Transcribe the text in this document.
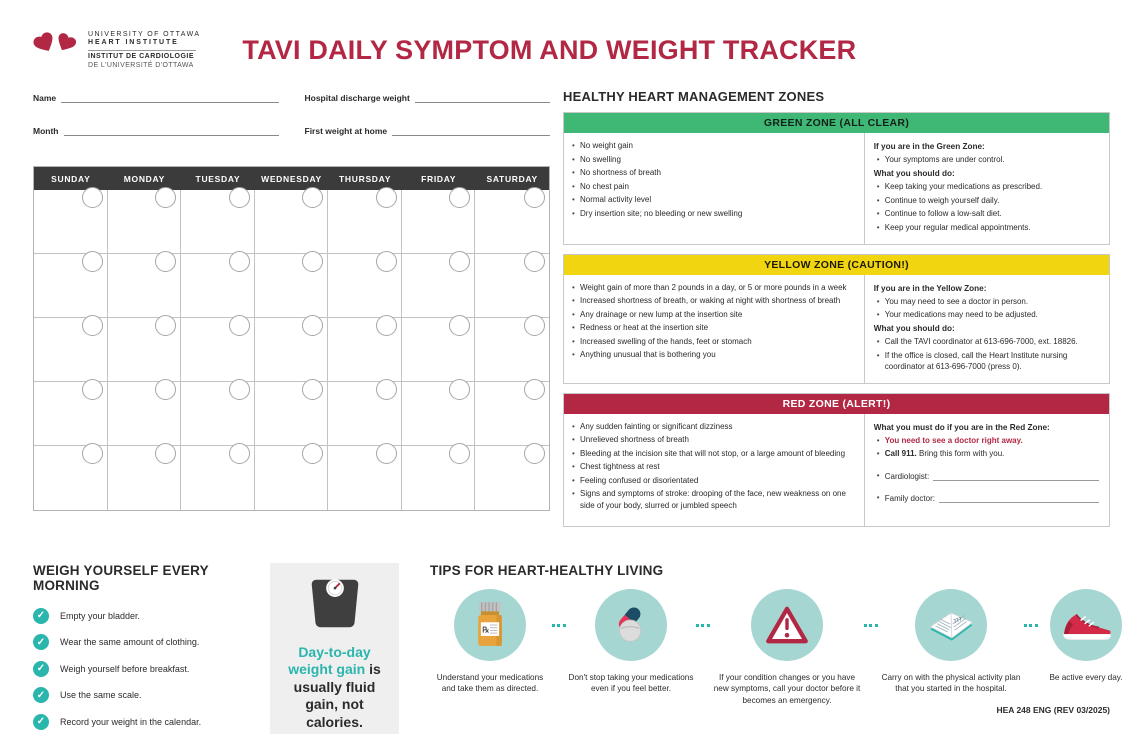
UNIVERSITY OF OTTAWA
HEART INSTITUTE
INSTITUT DE CARDIOLOGIE
DE L'UNIVERSITÉ D'OTTAWA
TAVI DAILY SYMPTOM AND WEIGHT TRACKER
Name
Month
Hospital discharge weight
First weight at home
SUNDAY	MONDAY	TUESDAY	WEDNESDAY	THURSDAY	FRIDAY	SATURDAY
HEALTHY HEART MANAGEMENT ZONES
GREEN ZONE (ALL CLEAR)
• No weight gain
• No swelling
• No shortness of breath
• No chest pain
• Normal activity level
• Dry insertion site; no bleeding or new swelling
If you are in the Green Zone:
• Your symptoms are under control.
What you should do:
• Keep taking your medications as prescribed.
• Continue to weigh yourself daily.
• Continue to follow a low-salt diet.
• Keep your regular medical appointments.
YELLOW ZONE (CAUTION!)
• Weight gain of more than 2 pounds in a day, or 5 or more pounds in a week
• Increased shortness of breath, or waking at night with shortness of breath
• Any drainage or new lump at the insertion site
• Redness or heat at the insertion site
• Increased swelling of the hands, feet or stomach
• Anything unusual that is bothering you
If you are in the Yellow Zone:
• You may need to see a doctor in person.
• Your medications may need to be adjusted.
What you should do:
• Call the TAVI coordinator at 613-696-7000, ext. 18826.
• If the office is closed, call the Heart Institute nursing coordinator at 613-696-7000 (press 0).
RED ZONE (ALERT!)
• Any sudden fainting or significant dizziness
• Unrelieved shortness of breath
• Bleeding at the incision site that will not stop, or a large amount of bleeding
• Chest tightness at rest
• Feeling confused or disorientated
• Signs and symptoms of stroke: drooping of the face, new weakness on one side of your body, slurred or jumbled speech
What you must do if you are in the Red Zone:
• You need to see a doctor right away.
• Call 911. Bring this form with you.
• Cardiologist:
• Family doctor:
WEIGH YOURSELF EVERY MORNING
✓	Empty your bladder.
✓	Wear the same amount of clothing.
✓	Weigh yourself before breakfast.
✓	Use the same scale.
✓	Record your weight in the calendar.
Day-to-day weight gain is usually fluid gain, not calories.
TIPS FOR HEART-HEALTHY LIVING
℞
Understand your medications and take them as directed.
Don't stop taking your medications even if you feel better.
If your condition changes or you have new symptoms, call your doctor before it becomes an emergency.
???
Carry on with the physical activity plan that you started in the hospital.
Be active every day.
HEA 248 ENG (REV 03/2025)
